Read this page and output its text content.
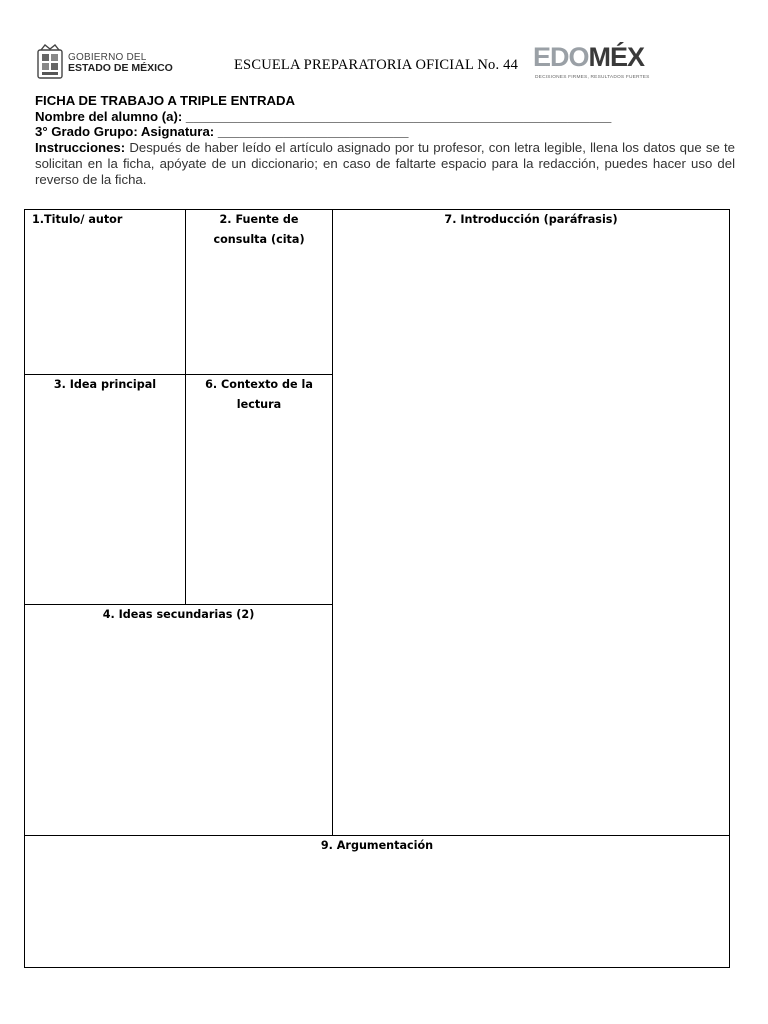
GOBIERNO DEL
ESTADO DE MÉXICO	ESCUELA PREPARATORIA OFICIAL No. 44 EDOMÉX
DECISIONES FIRMES, RESULTADOS FUERTES
FICHA DE TRABAJO A TRIPLE ENTRADA
Nombre del alumno (a): __________________________________________________________
3° Grado Grupo: Asignatura: __________________________
Instrucciones: Después de haber leído el artículo asignado por tu profesor, con letra legible, llena los datos que se te solicitan en la ficha, apóyate de un diccionario; en caso de faltarte espacio para la redacción, puedes hacer uso del reverso de la ficha.
1.Titulo/ autor	2. Fuente de consulta (cita)
7. Introducción (paráfrasis)
3. Idea principal	6. Contexto de la lectura
4. Ideas secundarias (2)
9. Argumentación
